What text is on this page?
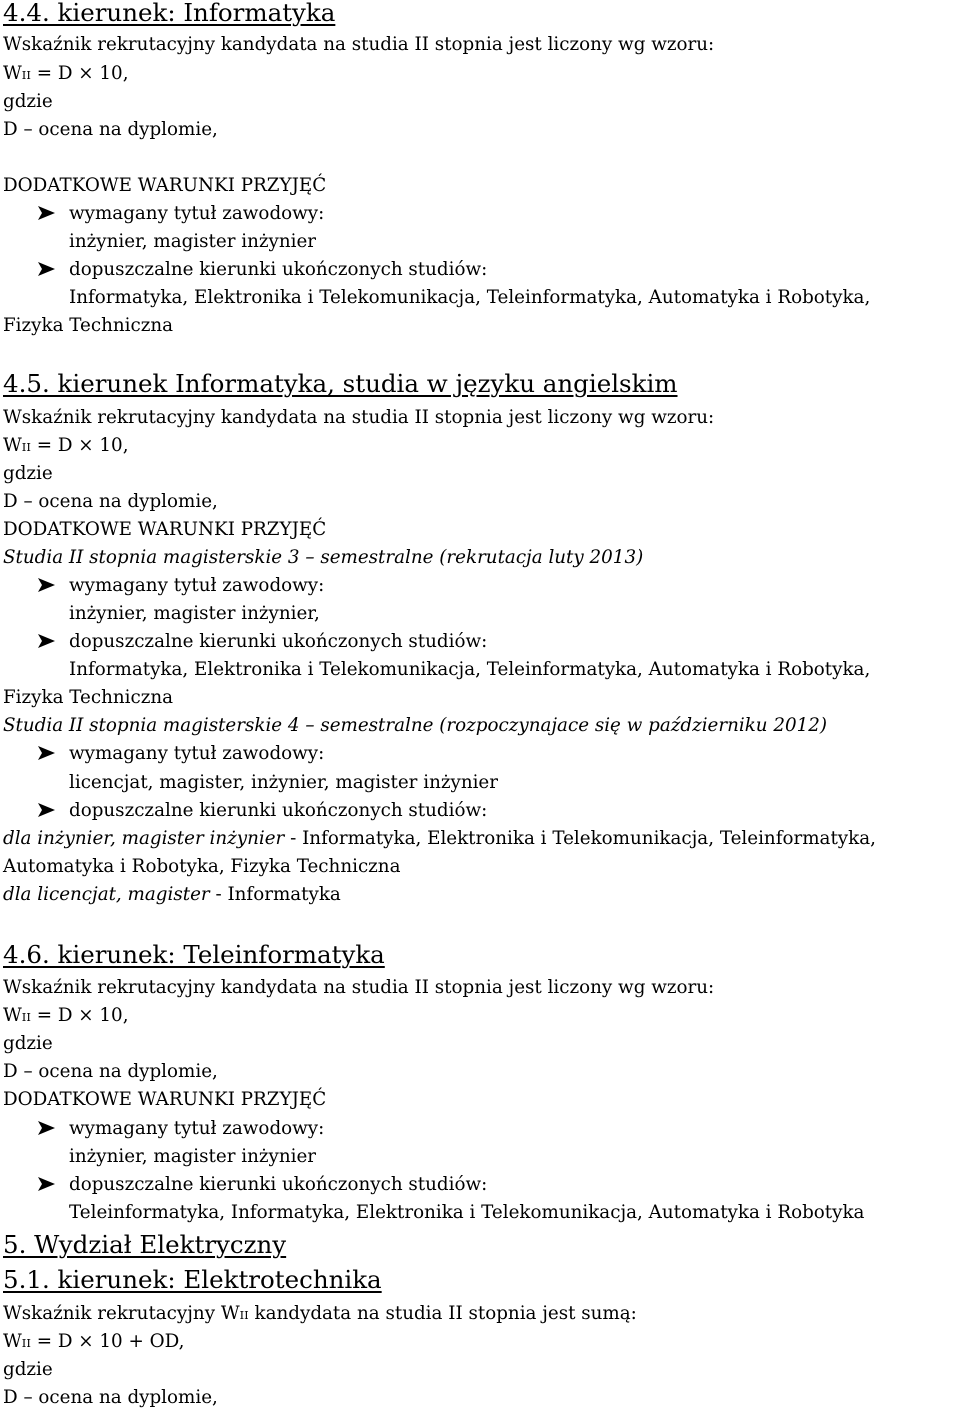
4.4. kierunek: Informatyka

Wskaźnik rekrutacyjny kandydata na studia II stopnia jest liczony wg wzoru:

WII = D × 10,

gdzie

D – ocena na dyplomie,

DODATKOWE WARUNKI PRZYJĘĆ

wymagany tytuł zawodowy:

inżynier, magister inżynier

dopuszczalne kierunki ukończonych studiów:

Informatyka, Elektronika i Telekomunikacja, Teleinformatyka, Automatyka i Robotyka,

Fizyka Techniczna

4.5. kierunek Informatyka, studia w języku angielskim

Wskaźnik rekrutacyjny kandydata na studia II stopnia jest liczony wg wzoru:

WII = D × 10,

gdzie

D – ocena na dyplomie,

DODATKOWE WARUNKI PRZYJĘĆ

Studia II stopnia magisterskie 3 – semestralne (rekrutacja luty 2013)

wymagany tytuł zawodowy:

inżynier, magister inżynier,

dopuszczalne kierunki ukończonych studiów:

Informatyka, Elektronika i Telekomunikacja, Teleinformatyka, Automatyka i Robotyka,

Fizyka Techniczna

Studia II stopnia magisterskie 4 – semestralne (rozpoczynajace się w październiku 2012)

wymagany tytuł zawodowy:

licencjat, magister, inżynier, magister inżynier

dopuszczalne kierunki ukończonych studiów:

dla inżynier, magister inżynier - Informatyka, Elektronika i Telekomunikacja, Teleinformatyka,

Automatyka i Robotyka, Fizyka Techniczna

dla licencjat, magister - Informatyka

4.6. kierunek: Teleinformatyka

Wskaźnik rekrutacyjny kandydata na studia II stopnia jest liczony wg wzoru:

WII = D × 10,

gdzie

D – ocena na dyplomie,

DODATKOWE WARUNKI PRZYJĘĆ

wymagany tytuł zawodowy:

inżynier, magister inżynier

dopuszczalne kierunki ukończonych studiów:

Teleinformatyka, Informatyka, Elektronika i Telekomunikacja, Automatyka i Robotyka

5. Wydział Elektryczny

5.1. kierunek: Elektrotechnika

Wskaźnik rekrutacyjny WII kandydata na studia II stopnia jest sumą:

WII = D × 10 + OD,

gdzie

D – ocena na dyplomie,
